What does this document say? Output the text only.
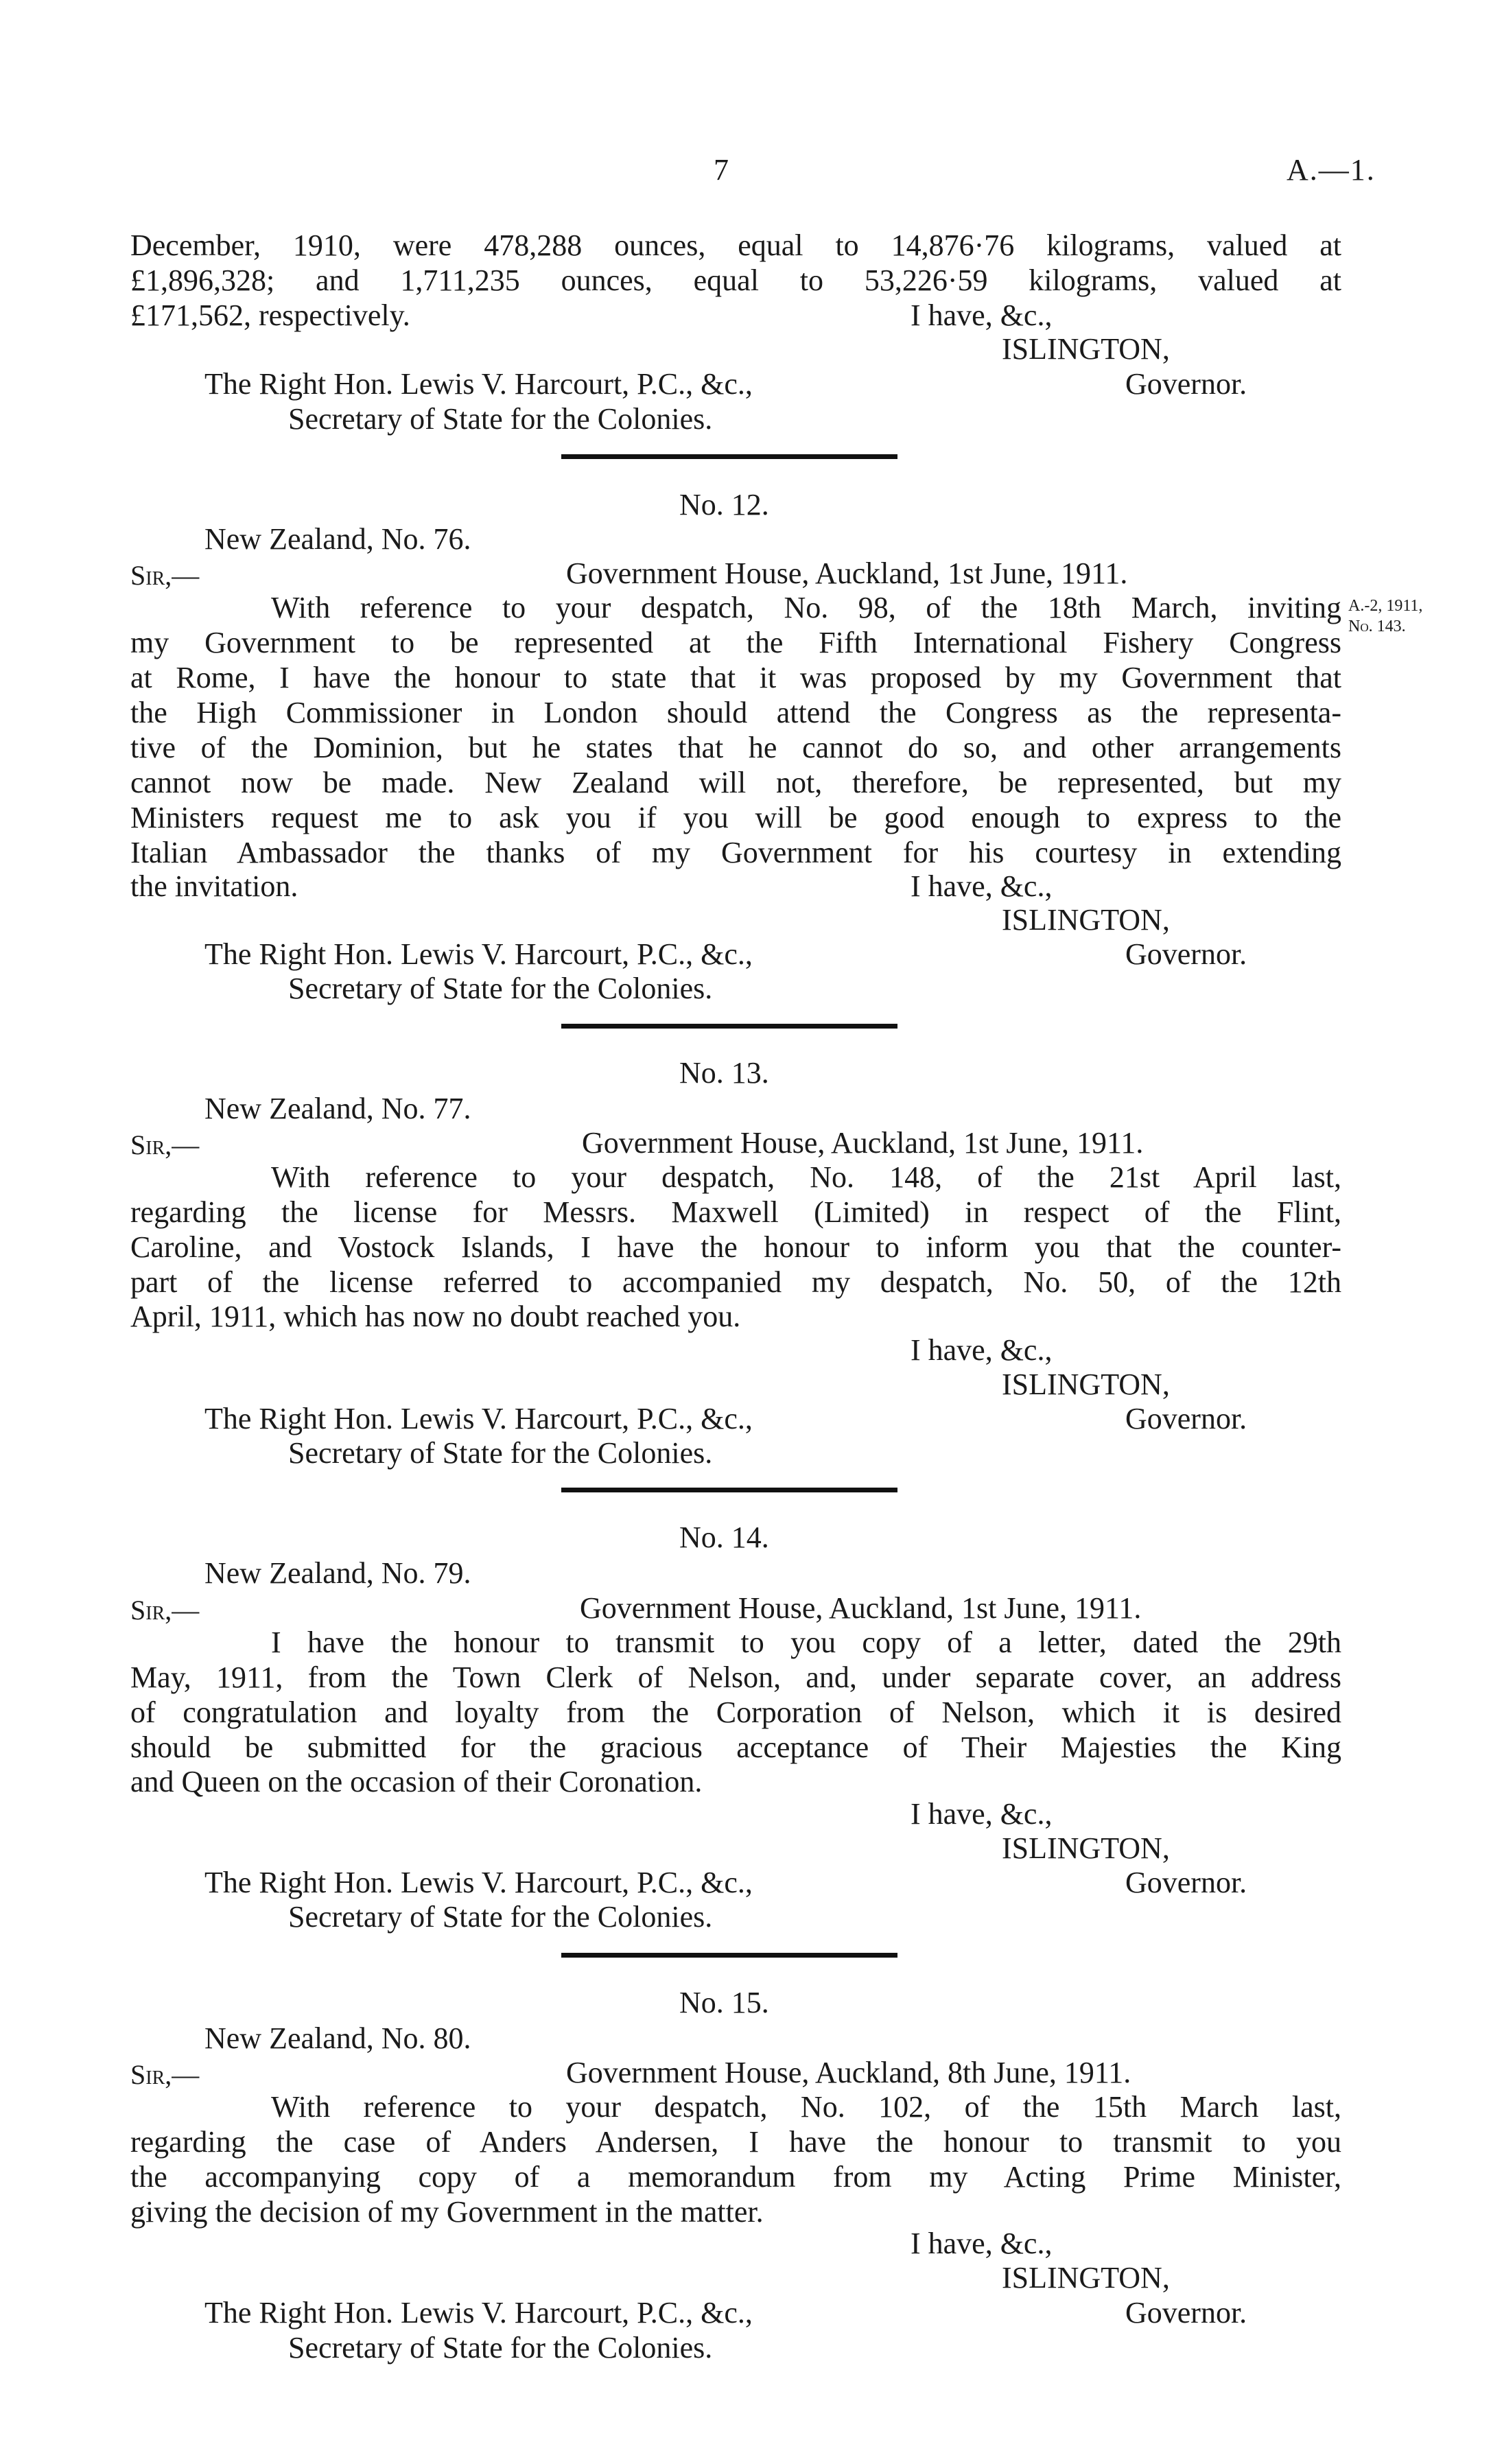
7	A.—1.
December, 1910, were 478,288 ounces, equal to 14,876·76 kilograms, valued at
£1,896,328; and 1,711,235 ounces, equal to 53,226·59 kilograms, valued at
£171,562, respectively.	I have, &c.,
ISLINGTON,
The Right Hon. Lewis V. Harcourt, P.C., &c.,	Governor.
Secretary of State for the Colonies.
No. 12.
New Zealand, No. 76.
Sir,—	Government House, Auckland, 1st June, 1911.
With reference to your despatch, No. 98, of the 18th March, inviting
my Government to be represented at the Fifth International Fishery Congress
at Rome, I have the honour to state that it was proposed by my Government that
the High Commissioner in London should attend the Congress as the representa-
tive of the Dominion, but he states that he cannot do so, and other arrangements
cannot now be made. New Zealand will not, therefore, be represented, but my
Ministers request me to ask you if you will be good enough to express to the
Italian Ambassador the thanks of my Government for his courtesy in extending
the invitation.
A.-2, 1911,
No. 143.
I have, &c.,
ISLINGTON,
The Right Hon. Lewis V. Harcourt, P.C., &c.,	Governor.
Secretary of State for the Colonies.
No. 13.
New Zealand, No. 77.
Sir,—	Government House, Auckland, 1st June, 1911.
With reference to your despatch, No. 148, of the 21st April last,
regarding the license for Messrs. Maxwell (Limited) in respect of the Flint,
Caroline, and Vostock Islands, I have the honour to inform you that the counter-
part of the license referred to accompanied my despatch, No. 50, of the 12th
April, 1911, which has now no doubt reached you.
I have, &c.,
ISLINGTON,
The Right Hon. Lewis V. Harcourt, P.C., &c.,	Governor.
Secretary of State for the Colonies.
No. 14.
New Zealand, No. 79.
Sir,—	Government House, Auckland, 1st June, 1911.
I have the honour to transmit to you copy of a letter, dated the 29th
May, 1911, from the Town Clerk of Nelson, and, under separate cover, an address
of congratulation and loyalty from the Corporation of Nelson, which it is desired
should be submitted for the gracious acceptance of Their Majesties the King
and Queen on the occasion of their Coronation.
I have, &c.,
ISLINGTON,
The Right Hon. Lewis V. Harcourt, P.C., &c.,	Governor.
Secretary of State for the Colonies.
No. 15.
New Zealand, No. 80.
Sir,—	Government House, Auckland, 8th June, 1911.
With reference to your despatch, No. 102, of the 15th March last,
regarding the case of Anders Andersen, I have the honour to transmit to you
the accompanying copy of a memorandum from my Acting Prime Minister,
giving the decision of my Government in the matter.
I have, &c.,
ISLINGTON,
The Right Hon. Lewis V. Harcourt, P.C., &c.,	Governor.
Secretary of State for the Colonies.
